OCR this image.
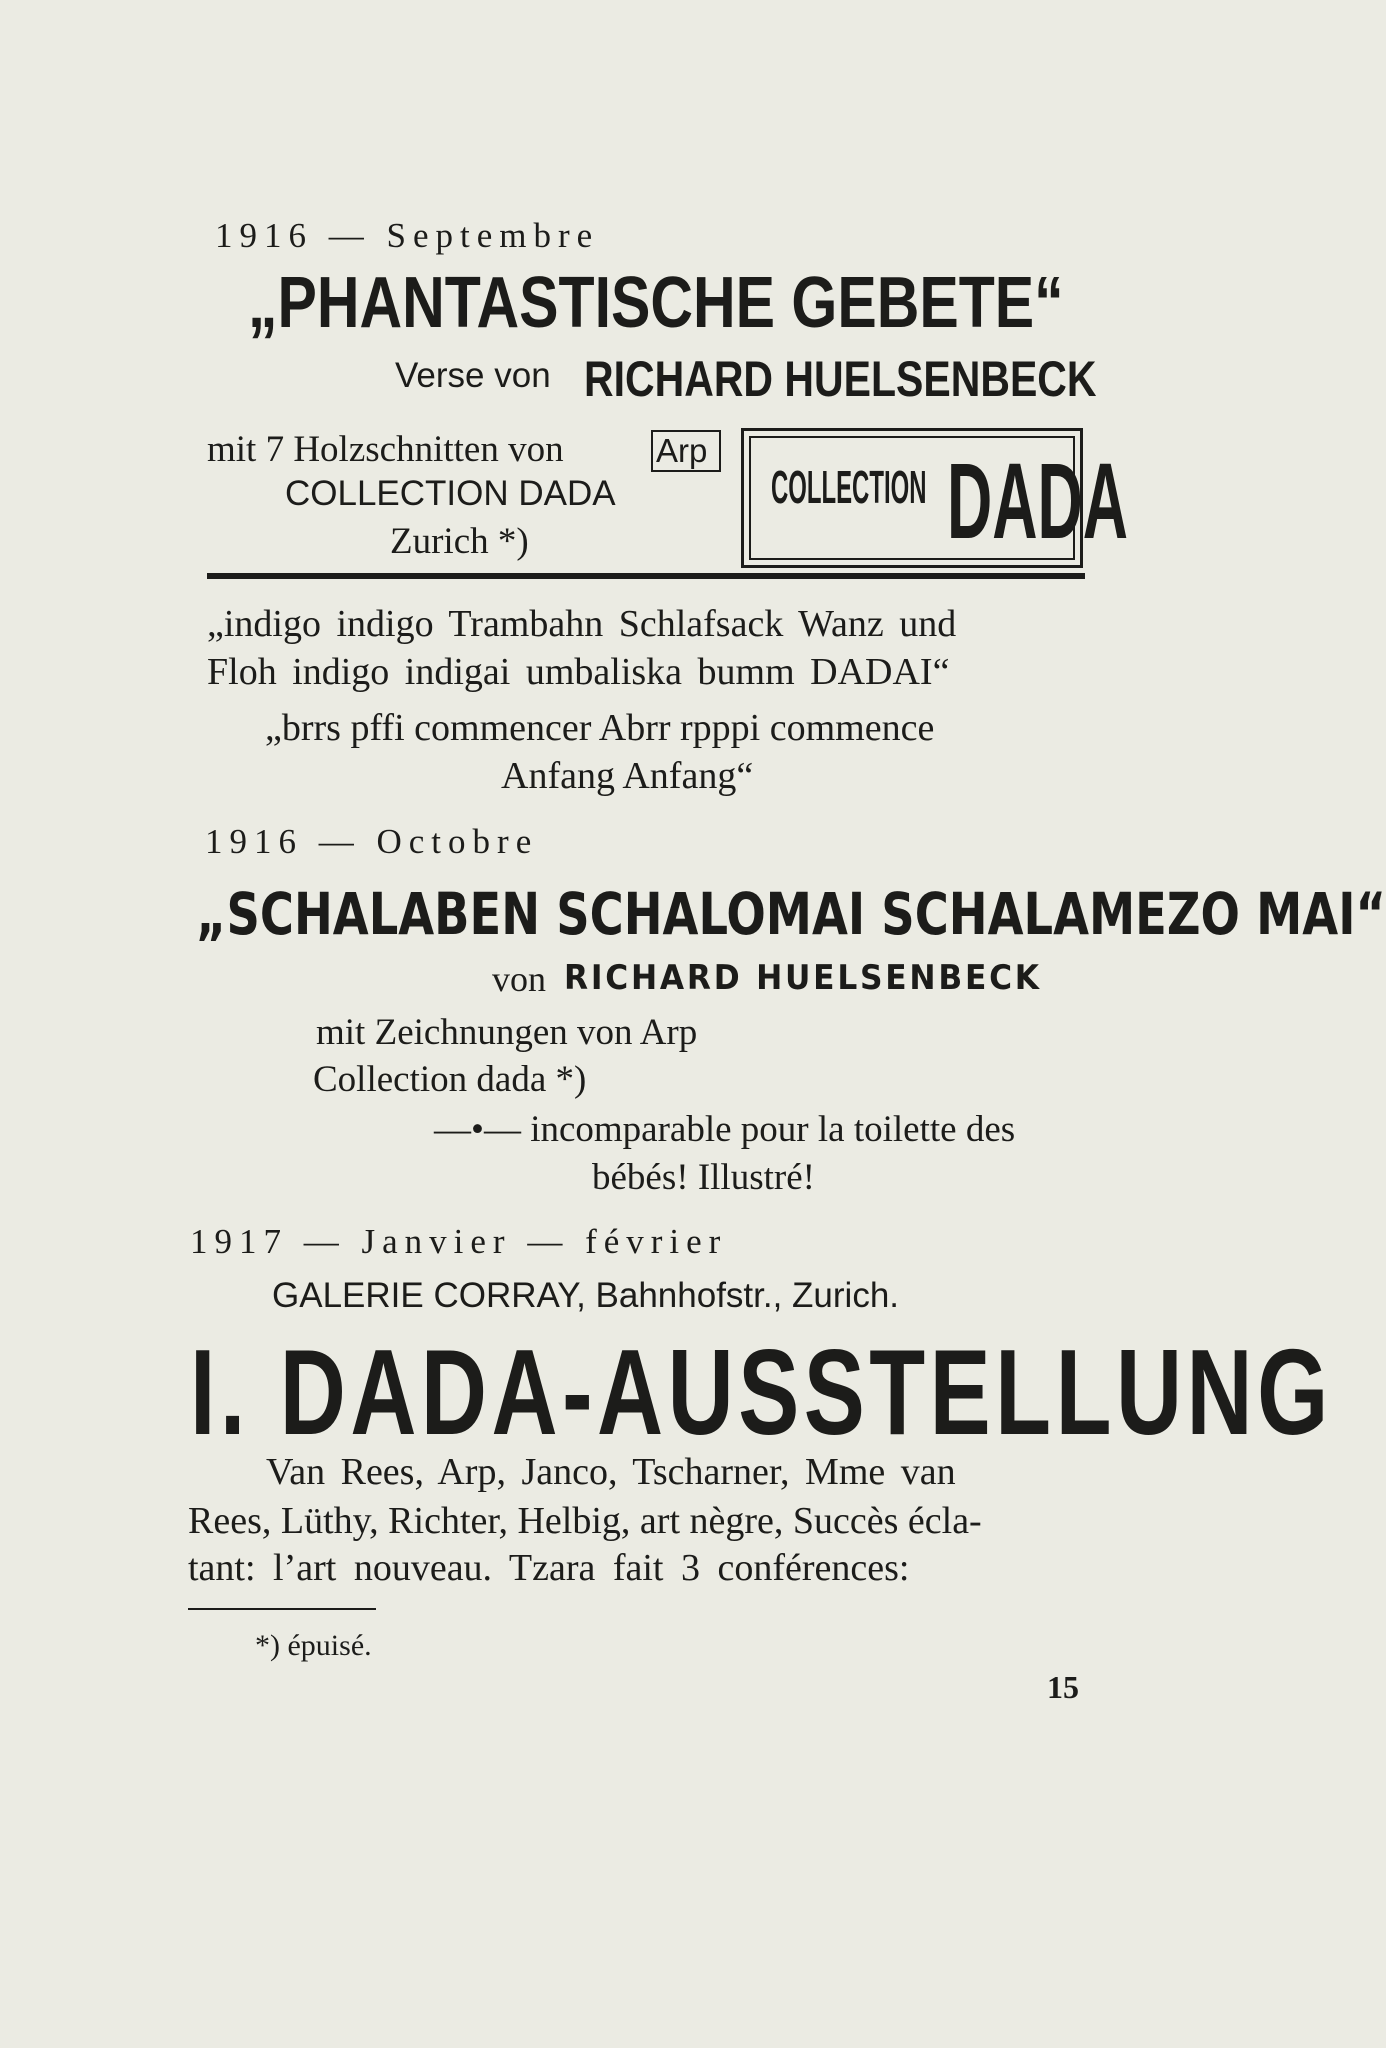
1916 — Septembre
„PHANTASTISCHE GEBETE“
Verse von RICHARD HUELSENBECK
mit 7 Holzschnitten von	Arp
COLLECTION DADA
Zurich *)
COLLECTION DADA
„indigo indigo Trambahn Schlafsack Wanz und
Floh indigo indigai umbaliska bumm DADAI“
„brrs pffi commencer Abrr rpppi commence
Anfang Anfang“
1916 — Octobre
„SCHALABEN SCHALOMAI SCHALAMEZO MAI“
von RICHARD HUELSENBECK
mit Zeichnungen von Arp
Collection dada *)
—•— incomparable pour la toilette des
bébés! Illustré!
1917 — Janvier — février
GALERIE CORRAY, Bahnhofstr., Zurich.
I. DADA-AUSSTELLUNG
Van Rees, Arp, Janco, Tscharner, Mme van
Rees, Lüthy, Richter, Helbig, art nègre, Succès écla-
tant: l’art nouveau. Tzara fait 3 conférences:
*) épuisé.
15
